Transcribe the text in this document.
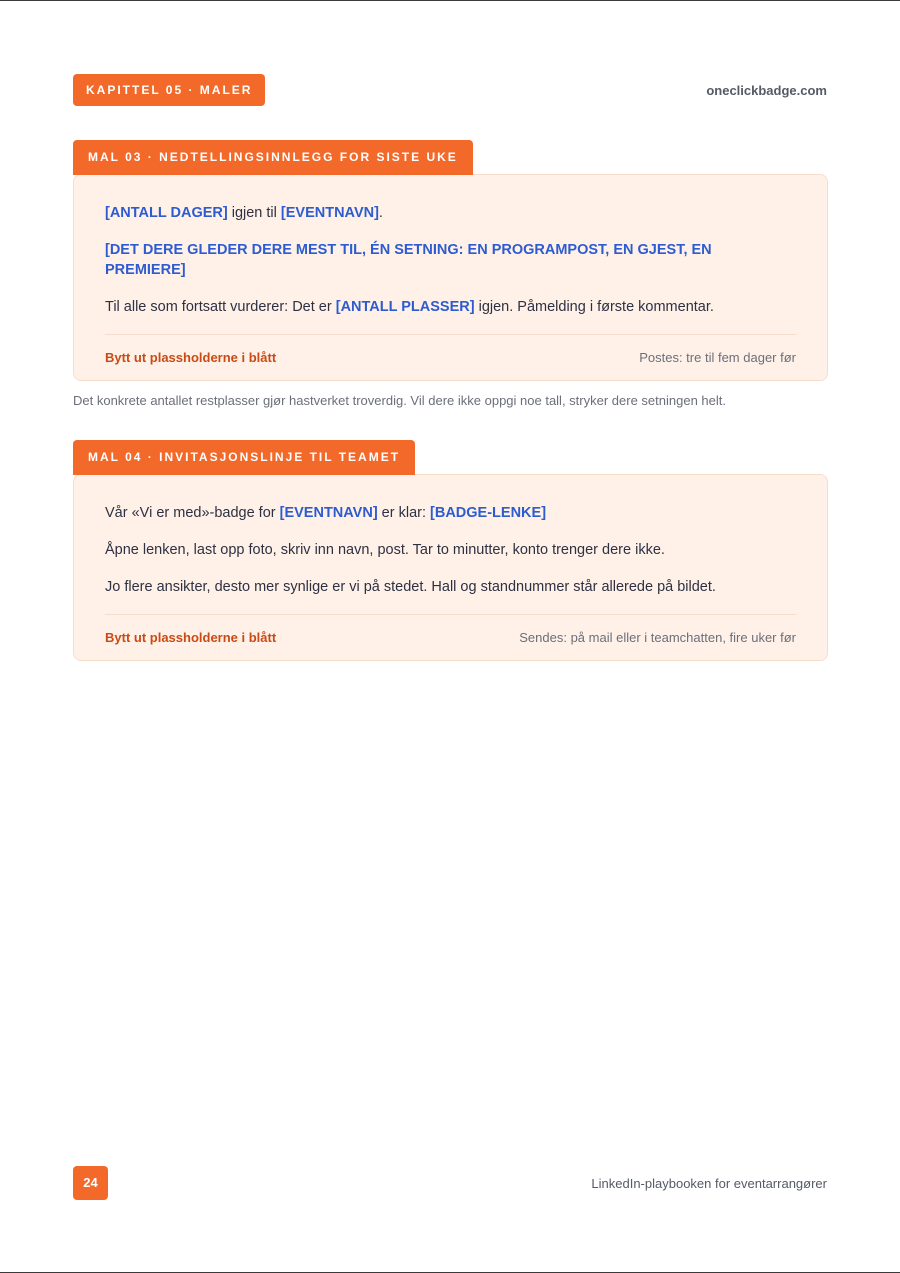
KAPITTEL 05 · MALER	oneclickbadge.com
MAL 03 · NEDTELLINGSINNLEGG FOR SISTE UKE

[ANTALL DAGER] igjen til [EVENTNAVN].

[DET DERE GLEDER DERE MEST TIL, ÉN SETNING: EN PROGRAMPOST, EN GJEST, EN PREMIERE]

Til alle som fortsatt vurderer: Det er [ANTALL PLASSER] igjen. Påmelding i første kommentar.

Bytt ut plassholderne i blått	Postes: tre til fem dager før
Det konkrete antallet restplasser gjør hastverket troverdig. Vil dere ikke oppgi noe tall, stryker dere setningen helt.
MAL 04 · INVITASJONSLINJE TIL TEAMET

Vår «Vi er med»-badge for [EVENTNAVN] er klar: [BADGE-LENKE]

Åpne lenken, last opp foto, skriv inn navn, post. Tar to minutter, konto trenger dere ikke.

Jo flere ansikter, desto mer synlige er vi på stedet. Hall og standnummer står allerede på bildet.

Bytt ut plassholderne i blått	Sendes: på mail eller i teamchatten, fire uker før
24	LinkedIn-playbooken for eventarrangører
